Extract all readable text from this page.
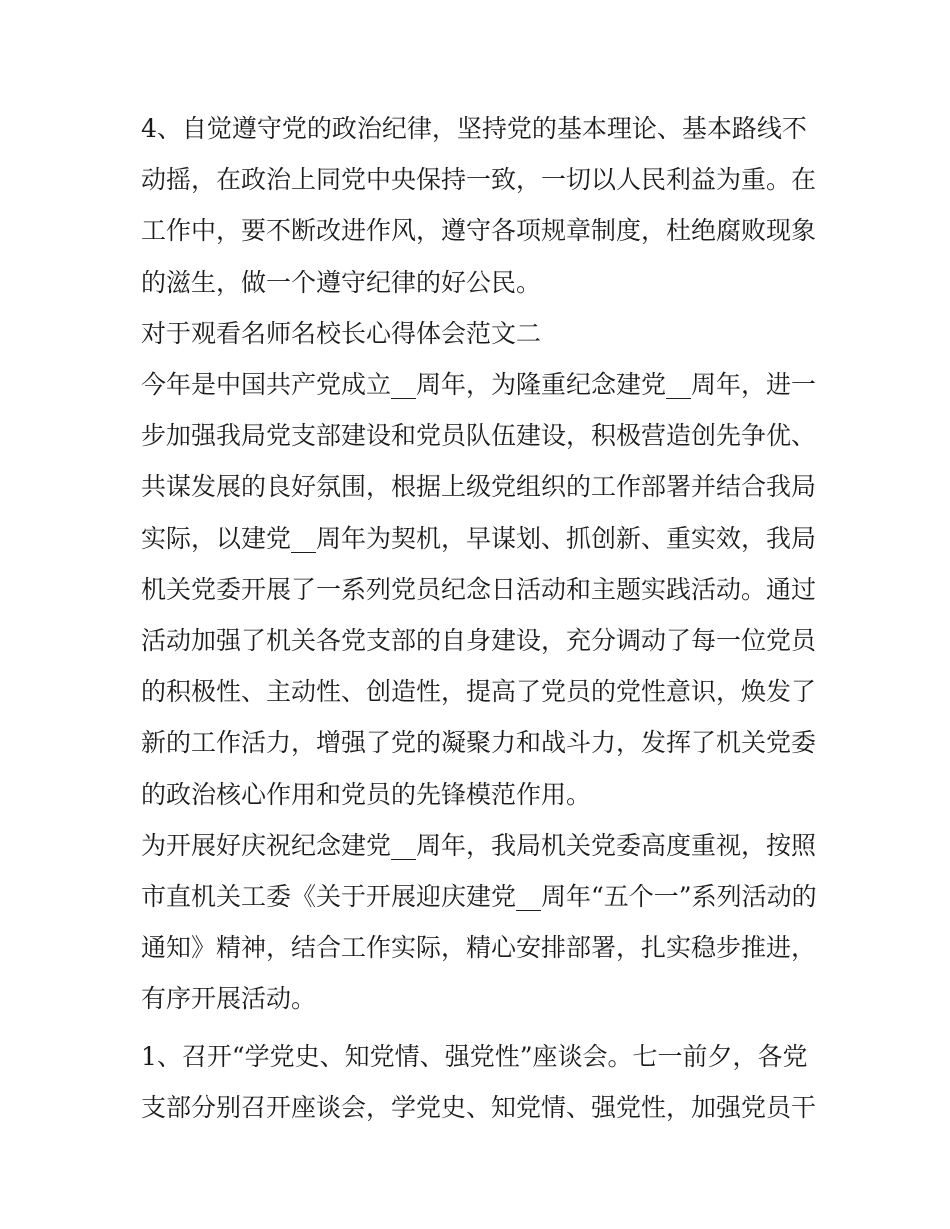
4、自觉遵守党的政治纪律，坚持党的基本理论、基本路线不动摇，在政治上同党中央保持一致，一切以人民利益为重。在工作中，要不断改进作风，遵守各项规章制度，杜绝腐败现象的滋生，做一个遵守纪律的好公民。

对于观看名师名校长心得体会范文二

今年是中国共产党成立__周年，为隆重纪念建党__周年，进一步加强我局党支部建设和党员队伍建设，积极营造创先争优、共谋发展的良好氛围，根据上级党组织的工作部署并结合我局实际，以建党__周年为契机，早谋划、抓创新、重实效，我局机关党委开展了一系列党员纪念日活动和主题实践活动。通过活动加强了机关各党支部的自身建设，充分调动了每一位党员的积极性、主动性、创造性，提高了党员的党性意识，焕发了新的工作活力，增强了党的凝聚力和战斗力，发挥了机关党委的政治核心作用和党员的先锋模范作用。

为开展好庆祝纪念建党__周年，我局机关党委高度重视，按照市直机关工委《关于开展迎庆建党__周年“五个一”系列活动的通知》精神，结合工作实际，精心安排部署，扎实稳步推进，有序开展活动。

1、召开“学党史、知党情、强党性”座谈会。七一前夕，各党支部分别召开座谈会，学党史、知党情、强党性，加强党员干
